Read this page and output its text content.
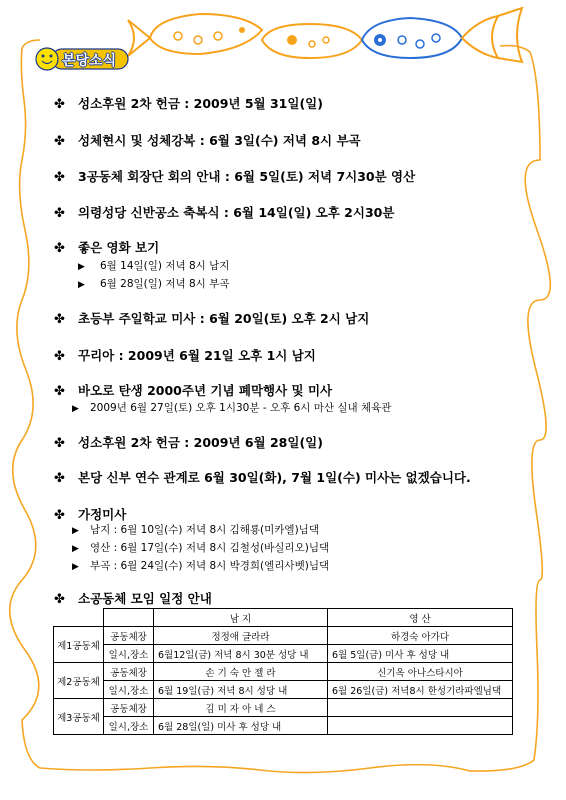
본당소식
✤ 성소후원 2차 헌금 : 2009년 5월 31일(일)
✤ 성체현시 및 성체강복 : 6월 3일(수) 저녁 8시 부곡
✤ 3공동체 회장단 회의 안내 : 6월 5일(토) 저녁 7시30분 영산
✤ 의령성당 신반공소 축복식 : 6월 14일(일) 오후 2시30분
✤ 좋은 영화 보기
▶ 6월 14일(일) 저녁 8시 남지
▶ 6월 28일(일) 저녁 8시 부곡
✤ 초등부 주일학교 미사 : 6월 20일(토) 오후 2시 남지
✤ 꾸리아 : 2009년 6월 21일 오후 1시 남지
✤ 바오로 탄생 2000주년 기념 폐막행사 및 미사
▶ 2009년 6월 27일(토) 오후 1시30분 - 오후 6시 마산 실내 체육관
✤ 성소후원 2차 헌금 : 2009년 6월 28일(일)
✤ 본당 신부 연수 관계로 6월 30일(화), 7월 1일(수) 미사는 없겠습니다.
✤ 가정미사
▶ 남지 : 6월 10일(수) 저녁 8시 김해룡(미카엘)님댁
▶ 영산 : 6월 17일(수) 저녁 8시 김철성(바실리오)님댁
▶ 부곡 : 6월 24일(수) 저녁 8시 박경희(엘리사벳)님댁
✤ 소공동체 모임 일정 안내
		남 지	영 산
제1공동체	공동체장	정정애 글라라	하경숙 아가다
	일시,장소	6월12일(금) 저녁 8시 30분 성당 내	6월 5일(금) 미사 후 성당 내
제2공동체	공동체장	손 기 숙 안 젤 라	신기옥 아나스타시아
	일시,장소	6월 19일(금) 저녁 8시 성당 내	6월 26일(금) 저녁8시 한성기라파엘님댁
제3공동체	공동체장	김 미 자 아 네 스	
	일시,장소	6월 28일(일) 미사 후 성당 내	
